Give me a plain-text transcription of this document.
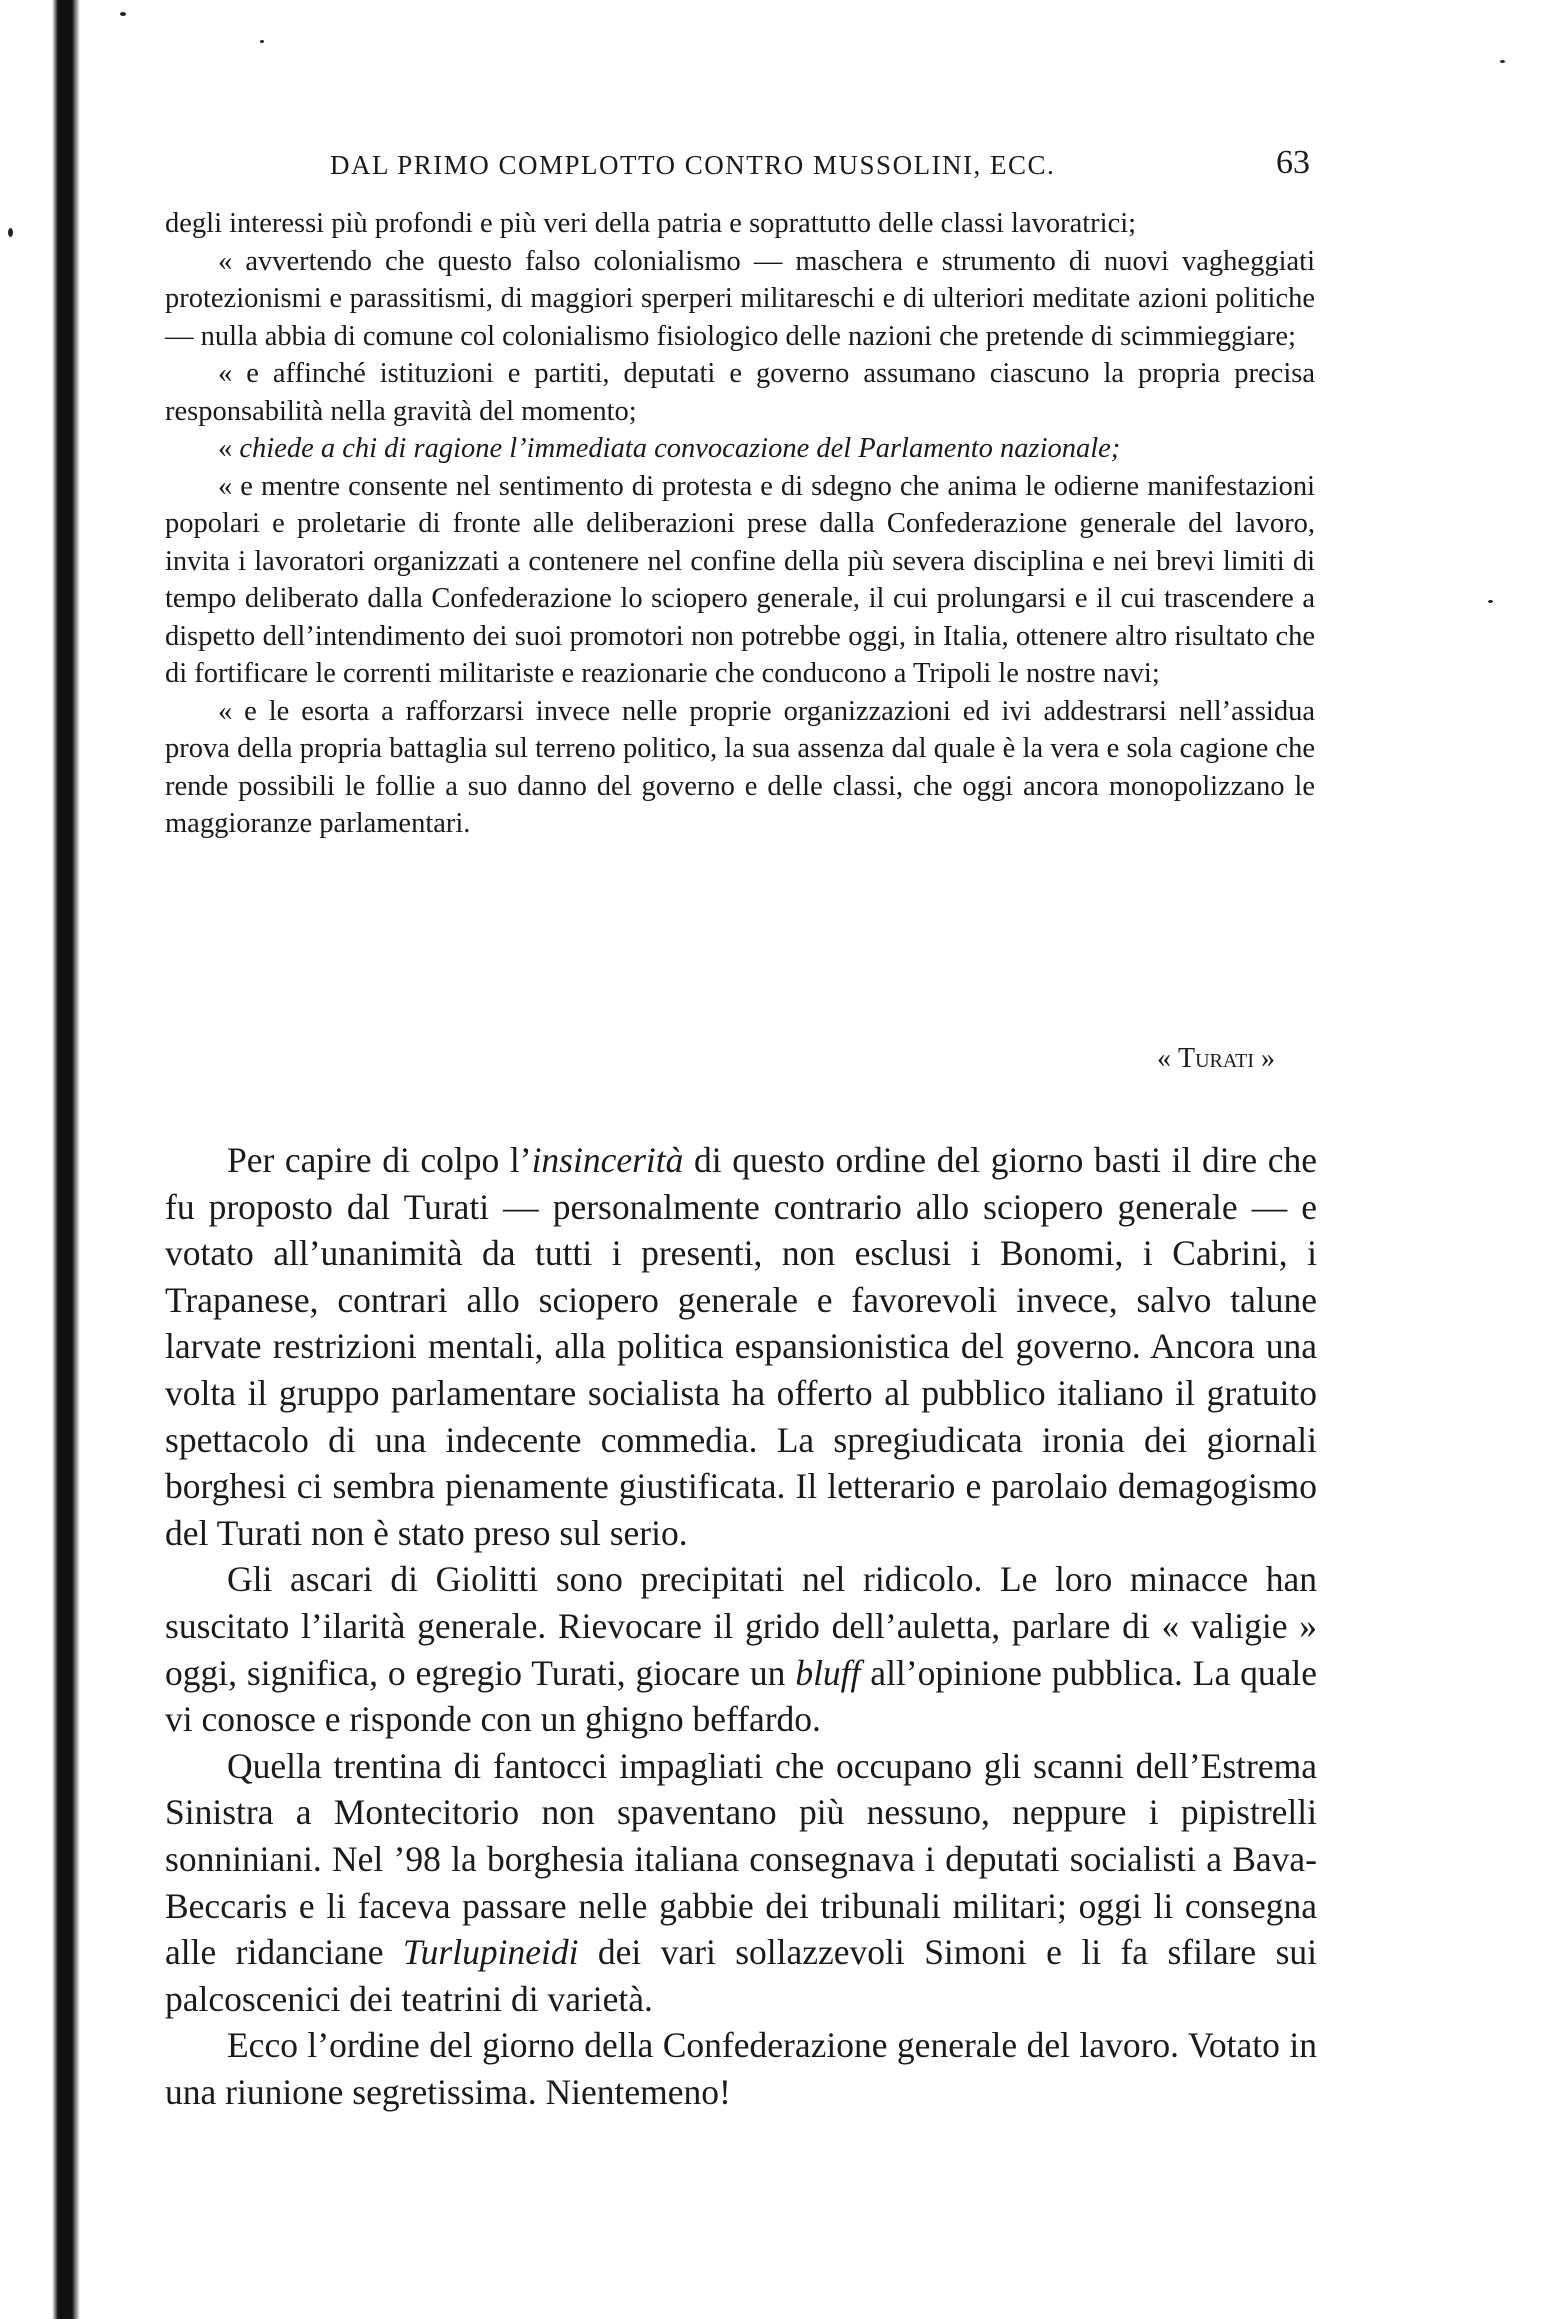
DAL PRIMO COMPLOTTO CONTRO MUSSOLINI, ECC.	63

degli interessi più profondi e più veri della patria e soprattutto delle classi lavoratrici;

« avvertendo che questo falso colonialismo — maschera e strumento di nuovi vagheggiati protezionismi e parassitismi, di maggiori sperperi militareschi e di ulteriori meditate azioni politiche — nulla abbia di comune col colonialismo fisiologico delle nazioni che pretende di scimmieggiare;

« e affinché istituzioni e partiti, deputati e governo assumano ciascuno la propria precisa responsabilità nella gravità del momento;

« chiede a chi di ragione l’immediata convocazione del Parlamento nazionale;

« e mentre consente nel sentimento di protesta e di sdegno che anima le odierne manifestazioni popolari e proletarie di fronte alle deliberazioni prese dalla Confederazione generale del lavoro, invita i lavoratori organizzati a contenere nel confine della più severa disciplina e nei brevi limiti di tempo deliberato dalla Confederazione lo sciopero generale, il cui prolungarsi e il cui trascendere a dispetto dell’intendimento dei suoi promotori non potrebbe oggi, in Italia, ottenere altro risultato che di fortificare le correnti militariste e reazionarie che conducono a Tripoli le nostre navi;

« e le esorta a rafforzarsi invece nelle proprie organizzazioni ed ivi addestrarsi nell’assidua prova della propria battaglia sul terreno politico, la sua assenza dal quale è la vera e sola cagione che rende possibili le follie a suo danno del governo e delle classi, che oggi ancora monopolizzano le maggioranze parlamentari.

« Turati »

Per capire di colpo l’insincerità di questo ordine del giorno basti il dire che fu proposto dal Turati — personalmente contrario allo sciopero generale — e votato all’unanimità da tutti i presenti, non esclusi i Bonomi, i Cabrini, i Trapanese, contrari allo sciopero generale e favorevoli invece, salvo talune larvate restrizioni mentali, alla politica espansionistica del governo. Ancora una volta il gruppo parlamentare socialista ha offerto al pubblico italiano il gratuito spettacolo di una indecente commedia. La spregiudicata ironia dei giornali borghesi ci sembra pienamente giustificata. Il letterario e parolaio demagogismo del Turati non è stato preso sul serio.

Gli ascari di Giolitti sono precipitati nel ridicolo. Le loro minacce han suscitato l’ilarità generale. Rievocare il grido dell’auletta, parlare di « valigie » oggi, significa, o egregio Turati, giocare un bluff all’opinione pubblica. La quale vi conosce e risponde con un ghigno beffardo.

Quella trentina di fantocci impagliati che occupano gli scanni dell’Estrema Sinistra a Montecitorio non spaventano più nessuno, neppure i pipistrelli sonniniani. Nel ’98 la borghesia italiana consegnava i deputati socialisti a Bava-Beccaris e li faceva passare nelle gabbie dei tribunali militari; oggi li consegna alle ridanciane Turlupineidi dei vari sollazzevoli Simoni e li fa sfilare sui palcoscenici dei teatrini di varietà.

Ecco l’ordine del giorno della Confederazione generale del lavoro. Votato in una riunione segretissima. Nientemeno!
